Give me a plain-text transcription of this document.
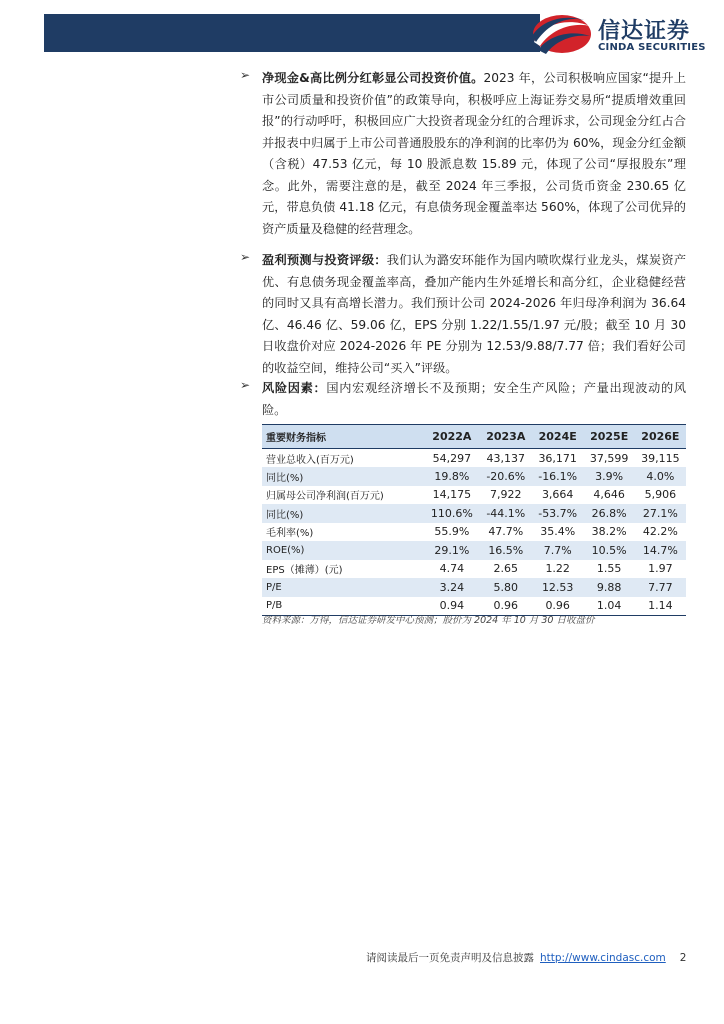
信达证券
CINDA SECURITIES
➢ 净现金&高比例分红彰显公司投资价值。2023 年，公司积极响应国家“提升上市公司质量和投资价值”的政策导向，积极呼应上海证券交易所“提质增效重回报”的行动呼吁，积极回应广大投资者现金分红的合理诉求，公司现金分红占合并报表中归属于上市公司普通股股东的净利润的比率仍为 60%，现金分红金额（含税）47.53 亿元，每 10 股派息数 15.89 元，体现了公司“厚报股东”理念。此外，需要注意的是，截至 2024 年三季报，公司货币资金 230.65 亿元，带息负债 41.18 亿元，有息债务现金覆盖率达 560%，体现了公司优异的资产质量及稳健的经营理念。

➢ 盈利预测与投资评级：我们认为潞安环能作为国内喷吹煤行业龙头，煤炭资产优、有息债务现金覆盖率高，叠加产能内生外延增长和高分红，企业稳健经营的同时又具有高增长潜力。我们预计公司 2024-2026 年归母净利润为 36.64 亿、46.46 亿、59.06 亿，EPS 分别 1.22/1.55/1.97 元/股；截至 10 月 30 日收盘价对应 2024-2026 年 PE 分别为 12.53/9.88/7.77 倍；我们看好公司的收益空间，维持公司“买入”评级。

➢ 风险因素：国内宏观经济增长不及预期；安全生产风险；产量出现波动的风险。

重要财务指标	2022A	2023A	2024E	2025E	2026E
营业总收入(百万元)	54,297	43,137	36,171	37,599	39,115
同比(%)	19.8%	-20.6%	-16.1%	3.9%	4.0%
归属母公司净利润(百万元)	14,175	7,922	3,664	4,646	5,906
同比(%)	110.6%	-44.1%	-53.7%	26.8%	27.1%
毛利率(%)	55.9%	47.7%	35.4%	38.2%	42.2%
ROE(%)	29.1%	16.5%	7.7%	10.5%	14.7%
EPS（摊薄）(元)	4.74	2.65	1.22	1.55	1.97
P/E	3.24	5.80	12.53	9.88	7.77
P/B	0.94	0.96	0.96	1.04	1.14
资料来源：万得，信达证券研发中心预测；股价为 2024 年 10 月 30 日收盘价
请阅读最后一页免责声明及信息披露 http://www.cindasc.com 2
